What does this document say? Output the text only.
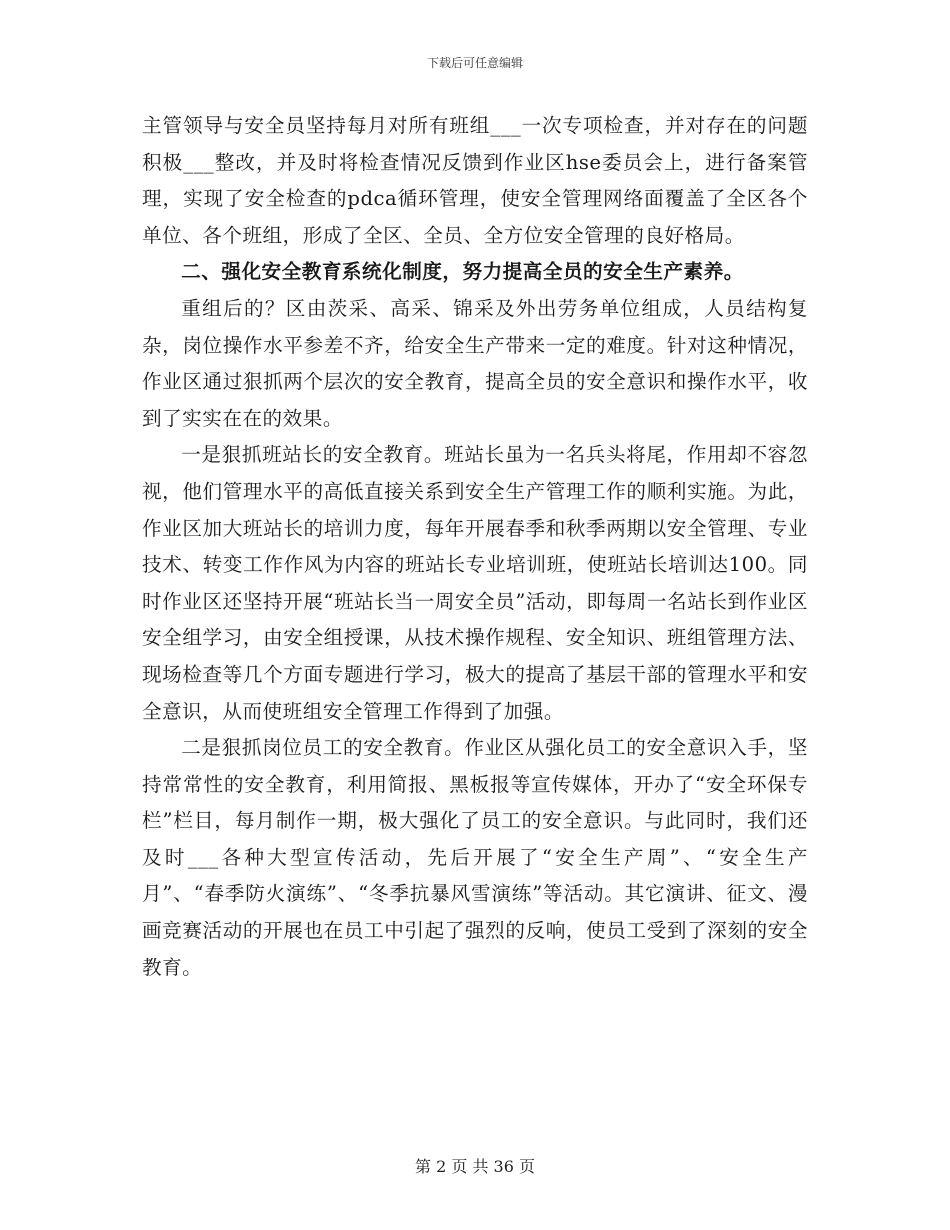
下载后可任意编辑

主管领导与安全员坚持每月对所有班组___一次专项检查，并对存在的问题积极___整改，并及时将检查情况反馈到作业区hse委员会上，进行备案管理，实现了安全检查的pdca循环管理，使安全管理网络面覆盖了全区各个单位、各个班组，形成了全区、全员、全方位安全管理的良好格局。

二、强化安全教育系统化制度，努力提高全员的安全生产素养。

重组后的？区由茨采、高采、锦采及外出劳务单位组成，人员结构复杂，岗位操作水平参差不齐，给安全生产带来一定的难度。针对这种情况，作业区通过狠抓两个层次的安全教育，提高全员的安全意识和操作水平，收到了实实在在的效果。

一是狠抓班站长的安全教育。班站长虽为一名兵头将尾，作用却不容忽视，他们管理水平的高低直接关系到安全生产管理工作的顺利实施。为此，作业区加大班站长的培训力度，每年开展春季和秋季两期以安全管理、专业技术、转变工作作风为内容的班站长专业培训班，使班站长培训达100。同时作业区还坚持开展“班站长当一周安全员”活动，即每周一名站长到作业区安全组学习，由安全组授课，从技术操作规程、安全知识、班组管理方法、现场检查等几个方面专题进行学习，极大的提高了基层干部的管理水平和安全意识，从而使班组安全管理工作得到了加强。

二是狠抓岗位员工的安全教育。作业区从强化员工的安全意识入手，坚持常常性的安全教育，利用简报、黑板报等宣传媒体，开办了“安全环保专栏”栏目，每月制作一期，极大强化了员工的安全意识。与此同时，我们还及时___各种大型宣传活动，先后开展了“安全生产周”、“安全生产月”、“春季防火演练”、“冬季抗暴风雪演练”等活动。其它演讲、征文、漫画竞赛活动的开展也在员工中引起了强烈的反响，使员工受到了深刻的安全教育。

第 2 页 共 36 页
